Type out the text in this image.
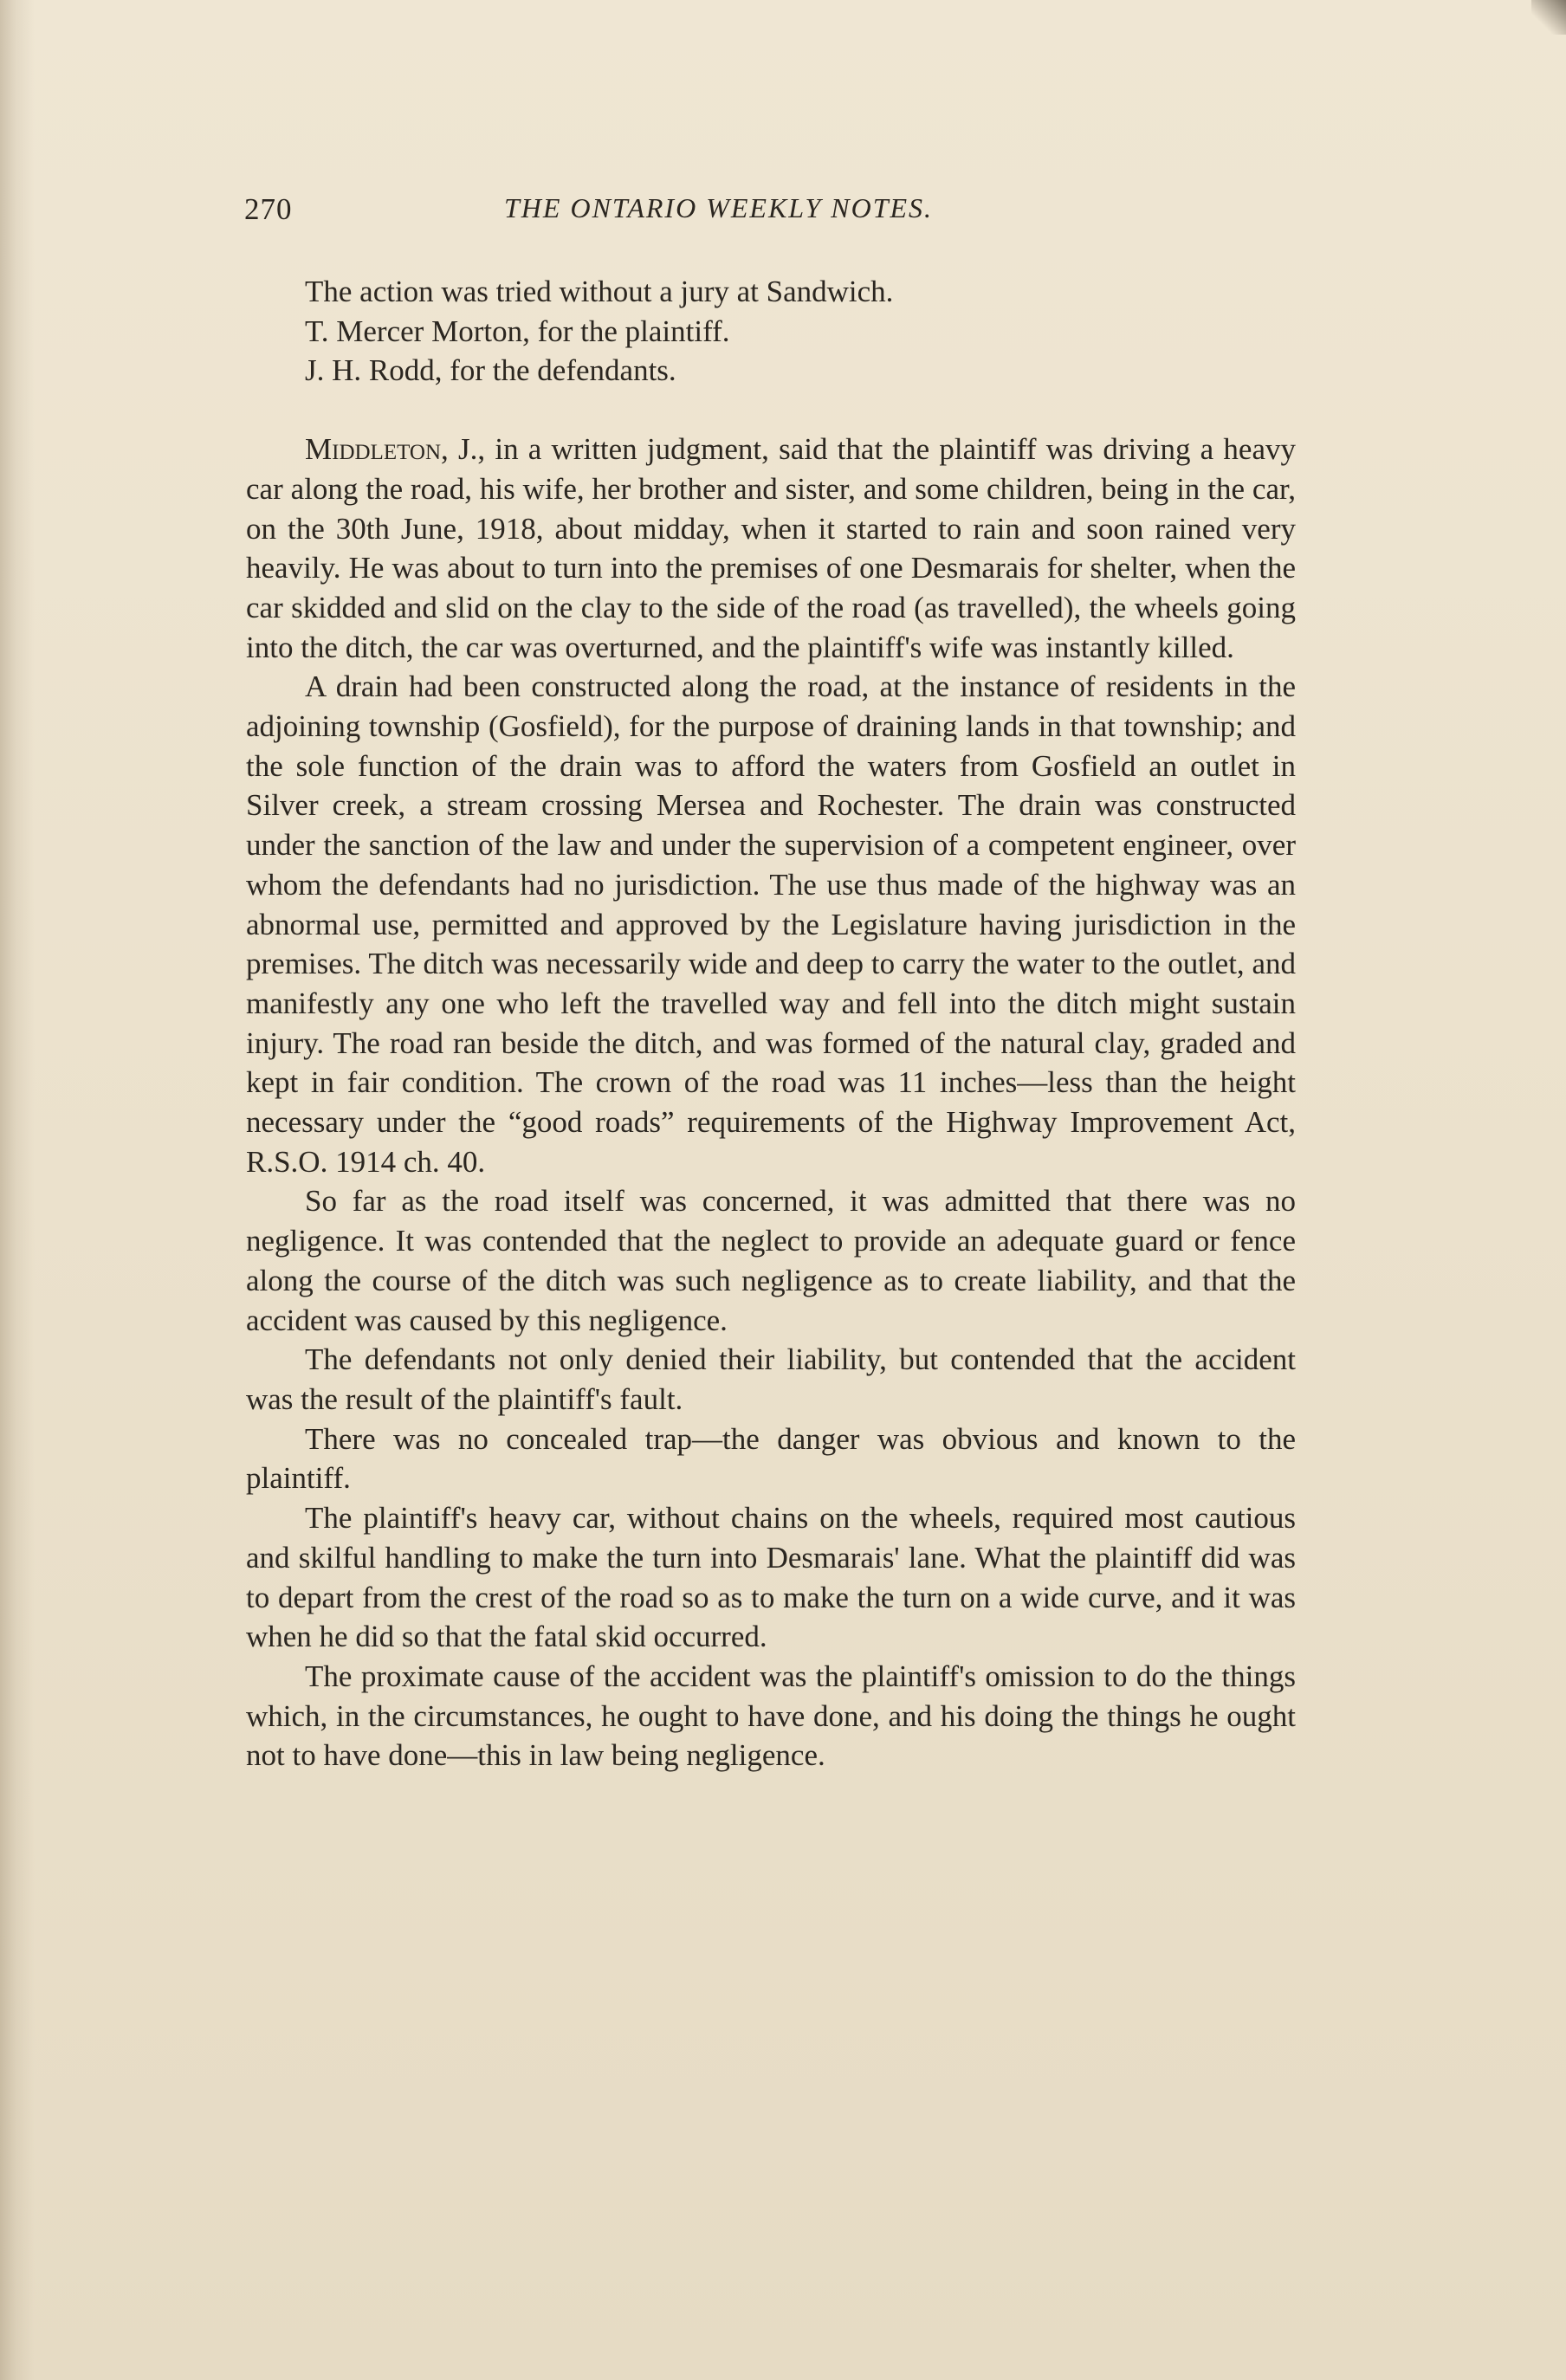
270	THE ONTARIO WEEKLY NOTES.

The action was tried without a jury at Sandwich.

T. Mercer Morton, for the plaintiff.

J. H. Rodd, for the defendants.

Middleton, J., in a written judgment, said that the plaintiff was driving a heavy car along the road, his wife, her brother and sister, and some children, being in the car, on the 30th June, 1918, about midday, when it started to rain and soon rained very heavily. He was about to turn into the premises of one Desmarais for shelter, when the car skidded and slid on the clay to the side of the road (as travelled), the wheels going into the ditch, the car was overturned, and the plaintiff's wife was instantly killed.

A drain had been constructed along the road, at the instance of residents in the adjoining township (Gosfield), for the purpose of draining lands in that township; and the sole function of the drain was to afford the waters from Gosfield an outlet in Silver creek, a stream crossing Mersea and Rochester. The drain was constructed under the sanction of the law and under the supervision of a competent engineer, over whom the defendants had no jurisdiction. The use thus made of the highway was an abnormal use, permitted and approved by the Legislature having jurisdiction in the premises. The ditch was necessarily wide and deep to carry the water to the outlet, and manifestly any one who left the travelled way and fell into the ditch might sustain injury. The road ran beside the ditch, and was formed of the natural clay, graded and kept in fair condition. The crown of the road was 11 inches—less than the height necessary under the “good roads” requirements of the Highway Improvement Act, R.S.O. 1914 ch. 40.

So far as the road itself was concerned, it was admitted that there was no negligence. It was contended that the neglect to provide an adequate guard or fence along the course of the ditch was such negligence as to create liability, and that the accident was caused by this negligence.

The defendants not only denied their liability, but contended that the accident was the result of the plaintiff's fault.

There was no concealed trap—the danger was obvious and known to the plaintiff.

The plaintiff's heavy car, without chains on the wheels, required most cautious and skilful handling to make the turn into Desmarais' lane. What the plaintiff did was to depart from the crest of the road so as to make the turn on a wide curve, and it was when he did so that the fatal skid occurred.

The proximate cause of the accident was the plaintiff's omission to do the things which, in the circumstances, he ought to have done, and his doing the things he ought not to have done—this in law being negligence.
